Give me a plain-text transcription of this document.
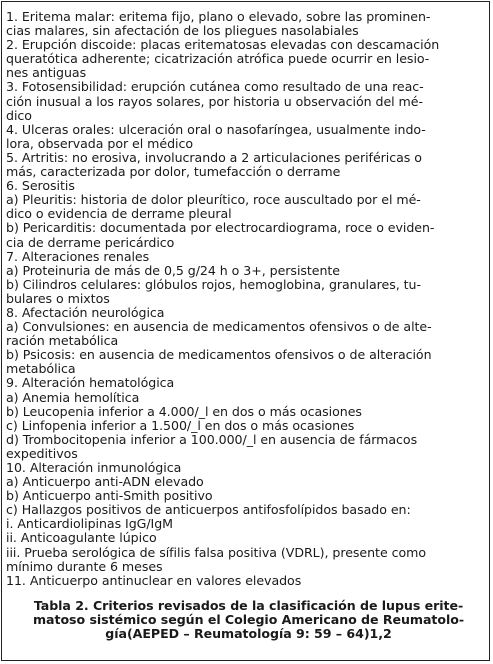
1. Eritema malar: eritema fijo, plano o elevado, sobre las prominen-
cias malares, sin afectación de los pliegues nasolabiales
2. Erupción discoide: placas eritematosas elevadas con descamación
queratótica adherente; cicatrización atrófica puede ocurrir en lesio-
nes antiguas
3. Fotosensibilidad: erupción cutánea como resultado de una reac-
ción inusual a los rayos solares, por historia u observación del mé-
dico
4. Ulceras orales: ulceración oral o nasofaríngea, usualmente indo-
lora, observada por el médico
5. Artritis: no erosiva, involucrando a 2 articulaciones periféricas o
más, caracterizada por dolor, tumefacción o derrame
6. Serositis
a) Pleuritis: historia de dolor pleurítico, roce auscultado por el mé-
dico o evidencia de derrame pleural
b) Pericarditis: documentada por electrocardiograma, roce o eviden-
cia de derrame pericárdico
7. Alteraciones renales
a) Proteinuria de más de 0,5 g/24 h o 3+, persistente
b) Cilindros celulares: glóbulos rojos, hemoglobina, granulares, tu-
bulares o mixtos
8. Afectación neurológica
a) Convulsiones: en ausencia de medicamentos ofensivos o de alte-
ración metabólica
b) Psicosis: en ausencia de medicamentos ofensivos o de alteración
metabólica
9. Alteración hematológica
a) Anemia hemolítica
b) Leucopenia inferior a 4.000/_l en dos o más ocasiones
c) Linfopenia inferior a 1.500/_l en dos o más ocasiones
d) Trombocitopenia inferior a 100.000/_l en ausencia de fármacos
expeditivos
10. Alteración inmunológica
a) Anticuerpo anti-ADN elevado
b) Anticuerpo anti-Smith positivo
c) Hallazgos positivos de anticuerpos antifosfolípidos basado en:
i. Anticardiolipinas IgG/IgM
ii. Anticoagulante lúpico
iii. Prueba serológica de sífilis falsa positiva (VDRL), presente como
mínimo durante 6 meses
11. Anticuerpo antinuclear en valores elevados
Tabla 2. Criterios revisados de la clasificación de lupus erite-
matoso sistémico según el Colegio Americano de Reumatolo-
gía(AEPED – Reumatología 9: 59 – 64)1,2
